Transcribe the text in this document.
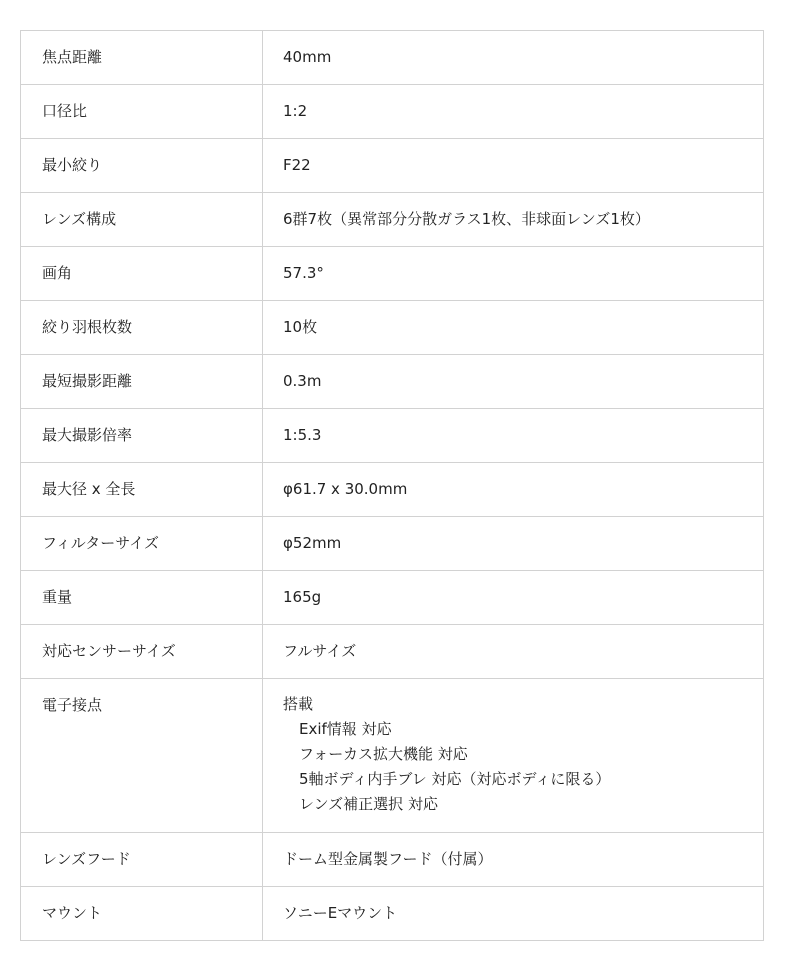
焦点距離	40mm
口径比	1:2
最小絞り	F22
レンズ構成	6群7枚（異常部分分散ガラス1枚、非球面レンズ1枚）
画角	57.3°
絞り羽根枚数	10枚
最短撮影距離	0.3m
最大撮影倍率	1:5.3
最大径 x 全長	φ61.7 x 30.0mm
フィルターサイズ	φ52mm
重量	165g
対応センサーサイズ	フルサイズ
電子接点	搭載
Exif情報 対応
フォーカス拡大機能 対応
5軸ボディ内手ブレ 対応（対応ボディに限る）
レンズ補正選択 対応
レンズフード	ドーム型金属製フード（付属）
マウント	ソニーEマウント
